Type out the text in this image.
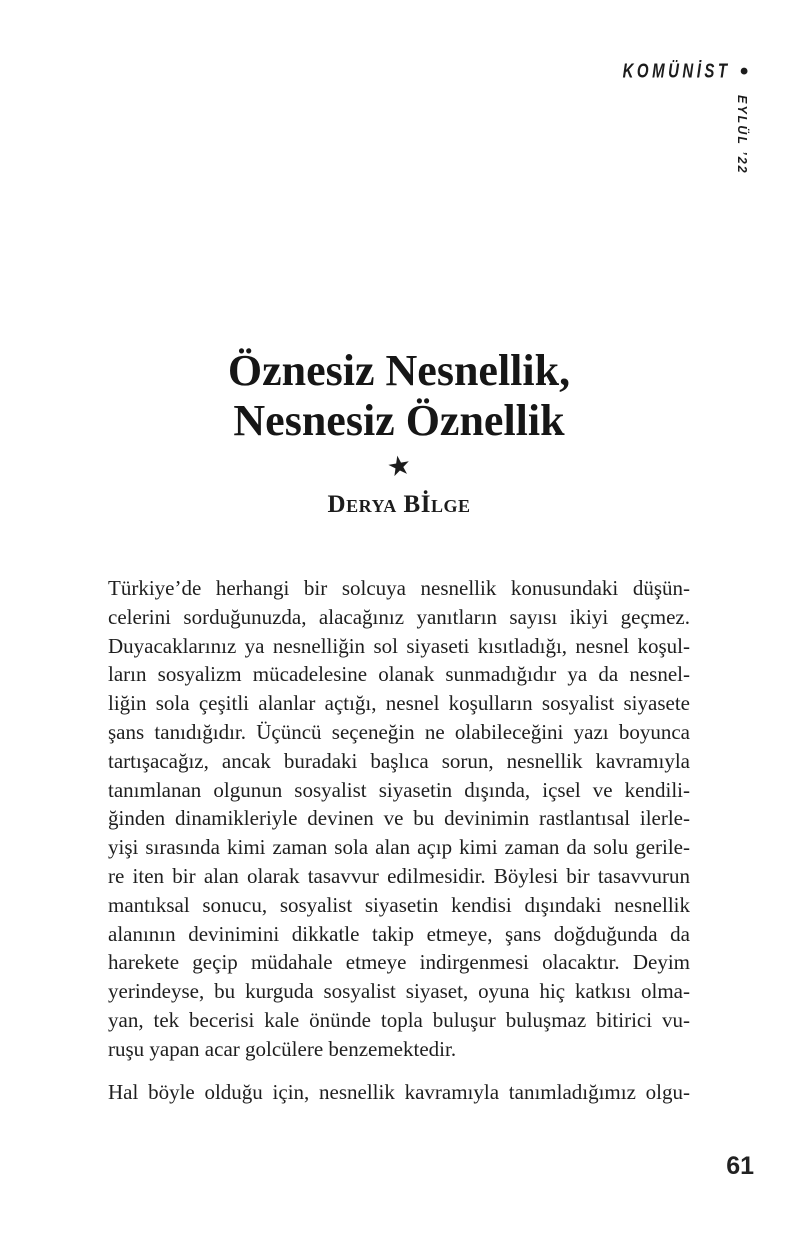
KOMÜNİST •
EYLÜL ’22
Öznesiz Nesnellik,
Nesnesiz Öznellik
★
Derya Bİlge

Türkiye’de herhangi bir solcuya nesnellik konusundaki düşün-
celerini sorduğunuzda, alacağınız yanıtların sayısı ikiyi geçmez.
Duyacaklarınız ya nesnelliğin sol siyaseti kısıtladığı, nesnel koşul-
ların sosyalizm mücadelesine olanak sunmadığıdır ya da nesnel-
liğin sola çeşitli alanlar açtığı, nesnel koşulların sosyalist siyasete
şans tanıdığıdır. Üçüncü seçeneğin ne olabileceğini yazı boyunca
tartışacağız, ancak buradaki başlıca sorun, nesnellik kavramıyla
tanımlanan olgunun sosyalist siyasetin dışında, içsel ve kendili-
ğinden dinamikleriyle devinen ve bu devinimin rastlantısal ilerle-
yişi sırasında kimi zaman sola alan açıp kimi zaman da solu gerile-
re iten bir alan olarak tasavvur edilmesidir. Böylesi bir tasavvurun
mantıksal sonucu, sosyalist siyasetin kendisi dışındaki nesnellik
alanının devinimini dikkatle takip etmeye, şans doğduğunda da
harekete geçip müdahale etmeye indirgenmesi olacaktır. Deyim
yerindeyse, bu kurguda sosyalist siyaset, oyuna hiç katkısı olma-
yan, tek becerisi kale önünde topla buluşur buluşmaz bitirici vu-
ruşu yapan acar golcülere benzemektedir.

Hal böyle olduğu için, nesnellik kavramıyla tanımladığımız olgu-

61
